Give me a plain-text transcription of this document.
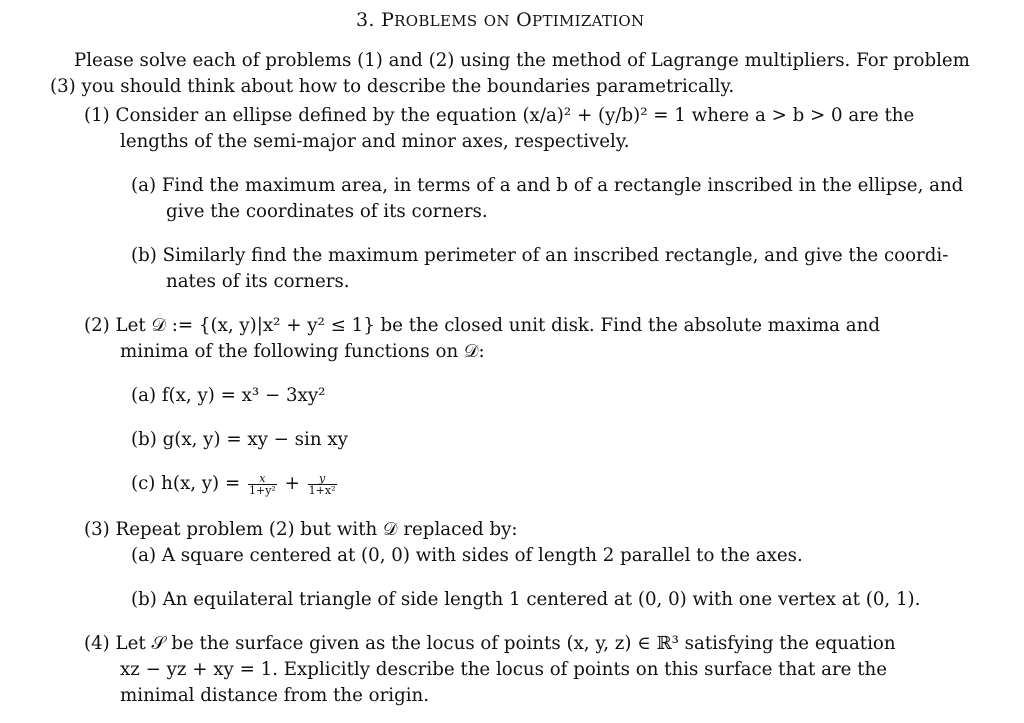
3. PROBLEMS ON OPTIMIZATION
Please solve each of problems (1) and (2) using the method of Lagrange multipliers. For problem
(3) you should think about how to describe the boundaries parametrically.
(1) Consider an ellipse defined by the equation (x/a)² + (y/b)² = 1 where a > b > 0 are the
lengths of the semi-major and minor axes, respectively.
(a) Find the maximum area, in terms of a and b of a rectangle inscribed in the ellipse, and
give the coordinates of its corners.
(b) Similarly find the maximum perimeter of an inscribed rectangle, and give the coordi-
nates of its corners.
(2) Let 𝒟 := {(x, y)|x² + y² ≤ 1} be the closed unit disk. Find the absolute maxima and
minima of the following functions on 𝒟:
(a) f(x, y) = x³ − 3xy²
(b) g(x, y) = xy − sin xy
(c) h(x, $y) = \frac{x}{\text{1+y²}} + \frac{y}{\text{1+x²}}$
(3) Repeat problem (2) but with 𝒟 replaced by:
(a) A square centered at (0, 0) with sides of length 2 parallel to the axes.
(b) An equilateral triangle of side length 1 centered at (0, 0) with one vertex at (0, 1).
(4) Let 𝒮 be the surface given as the locus of points (x, y, z) ∈ ℝ³ satisfying the equation
xz − yz + xy = 1. Explicitly describe the locus of points on this surface that are the
minimal distance from the origin.
